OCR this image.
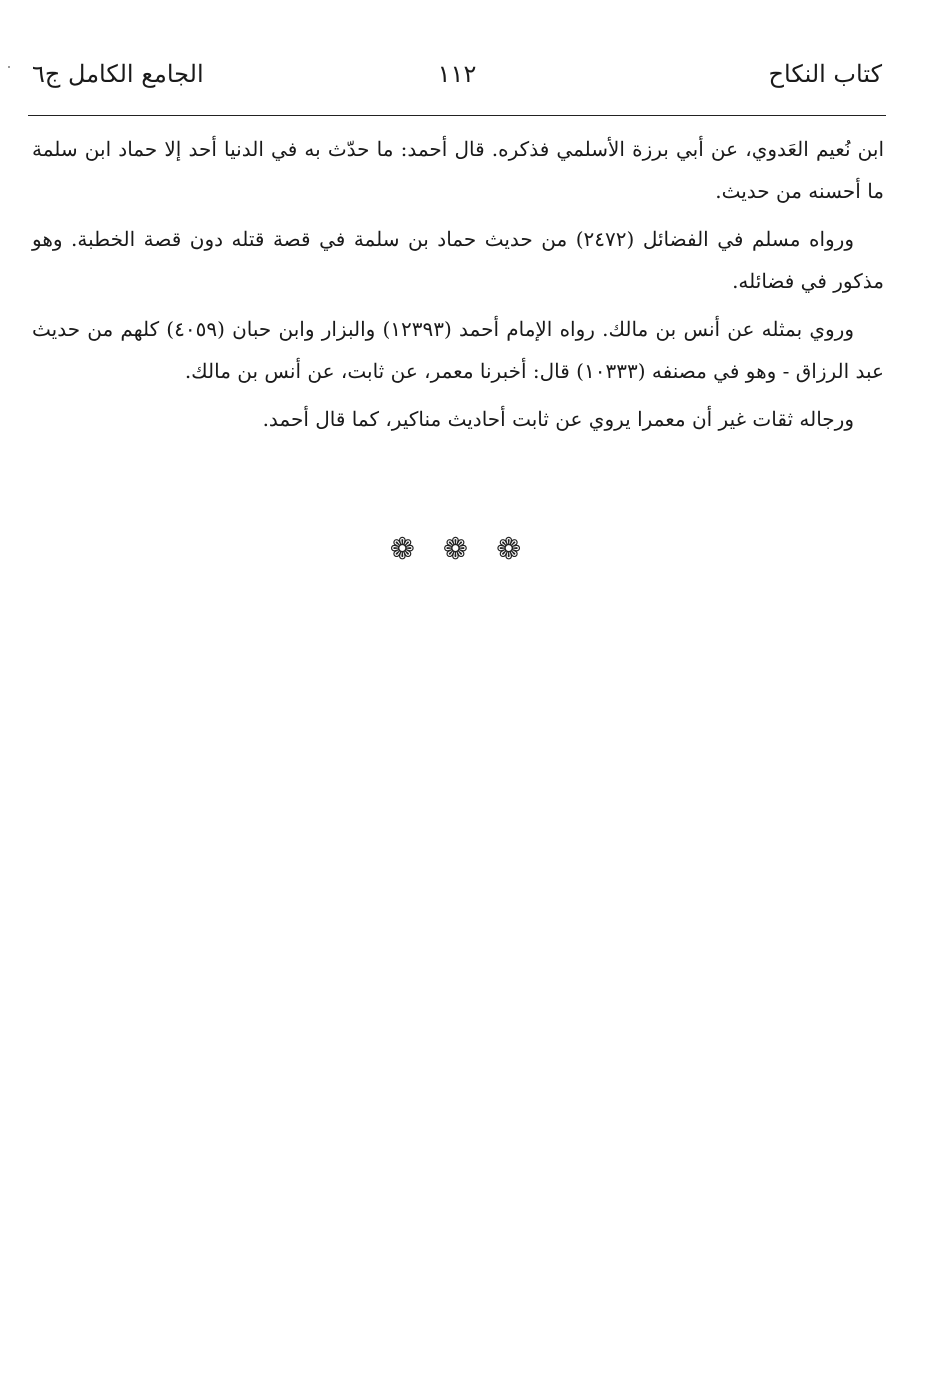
كتاب النكاح
١١٢
الجامع الكامل ج٦

ابن نُعيم العَدوي، عن أبي برزة الأسلمي فذكره. قال أحمد: ما حدّث به في الدنيا أحد إلا حماد ابن سلمة ما أحسنه من حديث.

ورواه مسلم في الفضائل (٢٤٧٢) من حديث حماد بن سلمة في قصة قتله دون قصة الخطبة. وهو مذكور في فضائله.

وروي بمثله عن أنس بن مالك. رواه الإمام أحمد (١٢٣٩٣) والبزار وابن حبان (٤٠٥٩) كلهم من حديث عبد الرزاق - وهو في مصنفه (١٠٣٣٣) قال: أخبرنا معمر، عن ثابت، عن أنس بن مالك.

ورجاله ثقات غير أن معمرا يروي عن ثابت أحاديث مناكير، كما قال أحمد.

❁❁❁
